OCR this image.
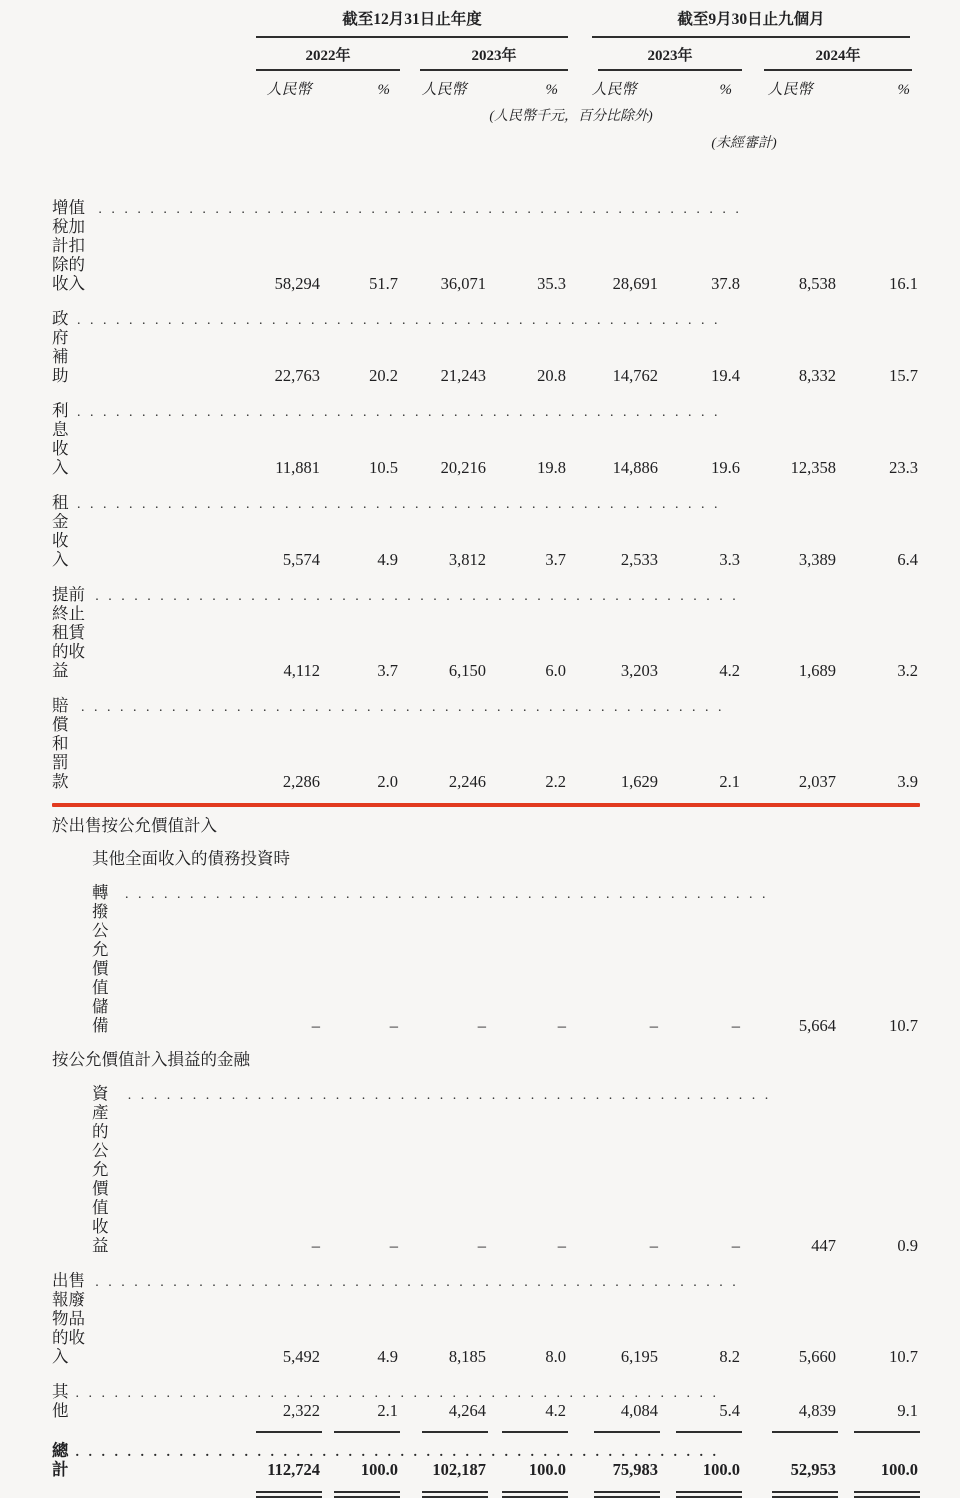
	截至12月31日止年度				截至9月30日止九個月			

	2022年		2023年		2023年		2024年	

	人民幣	%	人民幣	%	人民幣	%	人民幣	%
			(人民幣千元，百分比除外)					
					(未經審計)			

增值稅加計扣除的收入
. . .	58,294	51.7	36,071	35.3	28,691	37.8	8,538	16.1

政府補助
. . .	22,763	20.2	21,243	20.8	14,762	19.4	8,332	15.7

利息收入
. . .	11,881	10.5	20,216	19.8	14,886	19.6	12,358	23.3

租金收入
. . .	5,574	4.9	3,812	3.7	2,533	3.3	3,389	6.4

提前終止租賃的收益
. . .	4,112	3.7	6,150	6.0	3,203	4.2	1,689	3.2

賠償和罰款
. . .	2,286	2.0	2,246	2.2	1,629	2.1	2,037	3.9

於出售按公允價值計入								

其他全面收入的債務投資時								

轉撥公允價值儲備
. . .	–	–	–	–	–	–	5,664	10.7

按公允價值計入損益的金融								

資產的公允價值收益
. . .	–	–	–	–	–	–	447	0.9

出售報廢物品的收入
. . .	5,492	4.9	8,185	8.0	6,195	8.2	5,660	10.7

其他
. . .	2,322	2.1	4,264	4.2	4,084	5.4	4,839	9.1

總計
. . .	112,724	100.0	102,187	100.0	75,983	100.0	52,953	100.0
